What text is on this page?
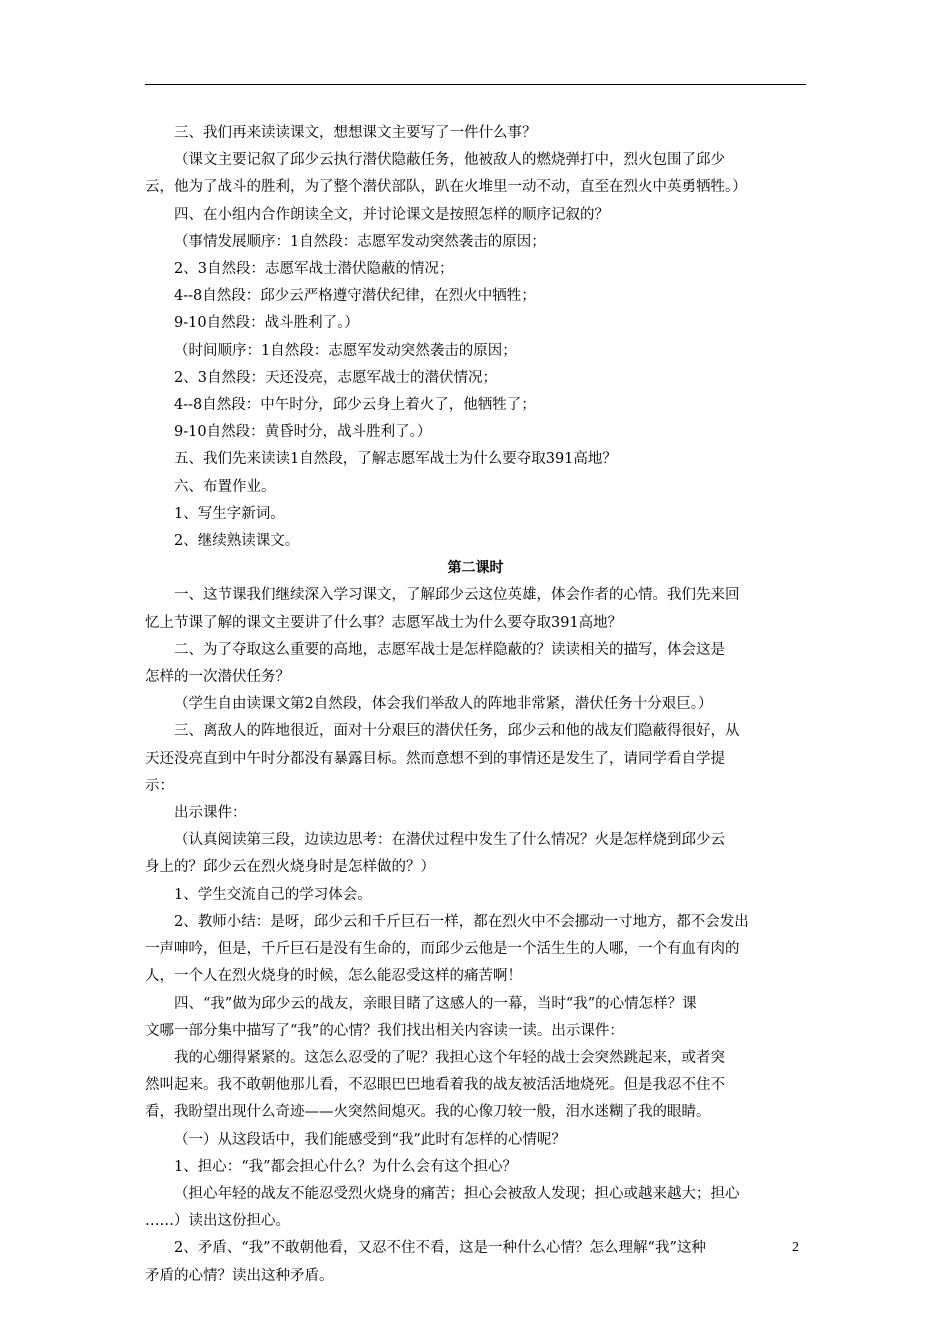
三、我们再来读读课文，想想课文主要写了一件什么事？

（课文主要记叙了邱少云执行潜伏隐蔽任务，他被敌人的燃烧弹打中，烈火包围了邱少

云，他为了战斗的胜利，为了整个潜伏部队，趴在火堆里一动不动，直至在烈火中英勇牺牲。）

四、在小组内合作朗读全文，并讨论课文是按照怎样的顺序记叙的？

（事情发展顺序：1自然段：志愿军发动突然袭击的原因；

2、3自然段：志愿军战士潜伏隐蔽的情况；

4--8自然段：邱少云严格遵守潜伏纪律，在烈火中牺牲；

9-10自然段：战斗胜利了。）

（时间顺序：1自然段：志愿军发动突然袭击的原因；

2、3自然段：天还没亮，志愿军战士的潜伏情况；

4--8自然段：中午时分，邱少云身上着火了，他牺牲了；

9-10自然段：黄昏时分，战斗胜利了。）

五、我们先来读读1自然段，了解志愿军战士为什么要夺取391高地？

六、布置作业。

1、写生字新词。

2、继续熟读课文。

第二课时

一、这节课我们继续深入学习课文，了解邱少云这位英雄，体会作者的心情。我们先来回

忆上节课了解的课文主要讲了什么事？志愿军战士为什么要夺取391高地？

二、为了夺取这么重要的高地，志愿军战士是怎样隐蔽的？读读相关的描写，体会这是

怎样的一次潜伏任务？

（学生自由读课文第2自然段，体会我们举敌人的阵地非常紧，潜伏任务十分艰巨。）

三、离敌人的阵地很近，面对十分艰巨的潜伏任务，邱少云和他的战友们隐蔽得很好，从

天还没亮直到中午时分都没有暴露目标。然而意想不到的事情还是发生了，请同学看自学提

示：

出示课件：

（认真阅读第三段，边读边思考：在潜伏过程中发生了什么情况？火是怎样烧到邱少云

身上的？邱少云在烈火烧身时是怎样做的？）

1、学生交流自己的学习体会。

2、教师小结：是呀，邱少云和千斤巨石一样，都在烈火中不会挪动一寸地方，都不会发出

一声呻吟，但是，千斤巨石是没有生命的，而邱少云他是一个活生生的人哪，一个有血有肉的

人，一个人在烈火烧身的时候，怎么能忍受这样的痛苦啊！

四、“我”做为邱少云的战友，亲眼目睹了这感人的一幕，当时“我”的心情怎样？课

文哪一部分集中描写了“我”的心情？我们找出相关内容读一读。出示课件：

我的心绷得紧紧的。这怎么忍受的了呢？我担心这个年轻的战士会突然跳起来，或者突

然叫起来。我不敢朝他那儿看，不忍眼巴巴地看着我的战友被活活地烧死。但是我忍不住不

看，我盼望出现什么奇迹——火突然间熄灭。我的心像刀较一般，泪水迷糊了我的眼睛。

（一）从这段话中，我们能感受到“我”此时有怎样的心情呢？

1、担心：“我”都会担心什么？为什么会有这个担心？

（担心年轻的战友不能忍受烈火烧身的痛苦；担心会被敌人发现；担心或越来越大；担心

……）读出这份担心。

2、矛盾、“我”不敢朝他看，又忍不住不看，这是一种什么心情？怎么理解“我”这种

矛盾的心情？读出这种矛盾。

2
